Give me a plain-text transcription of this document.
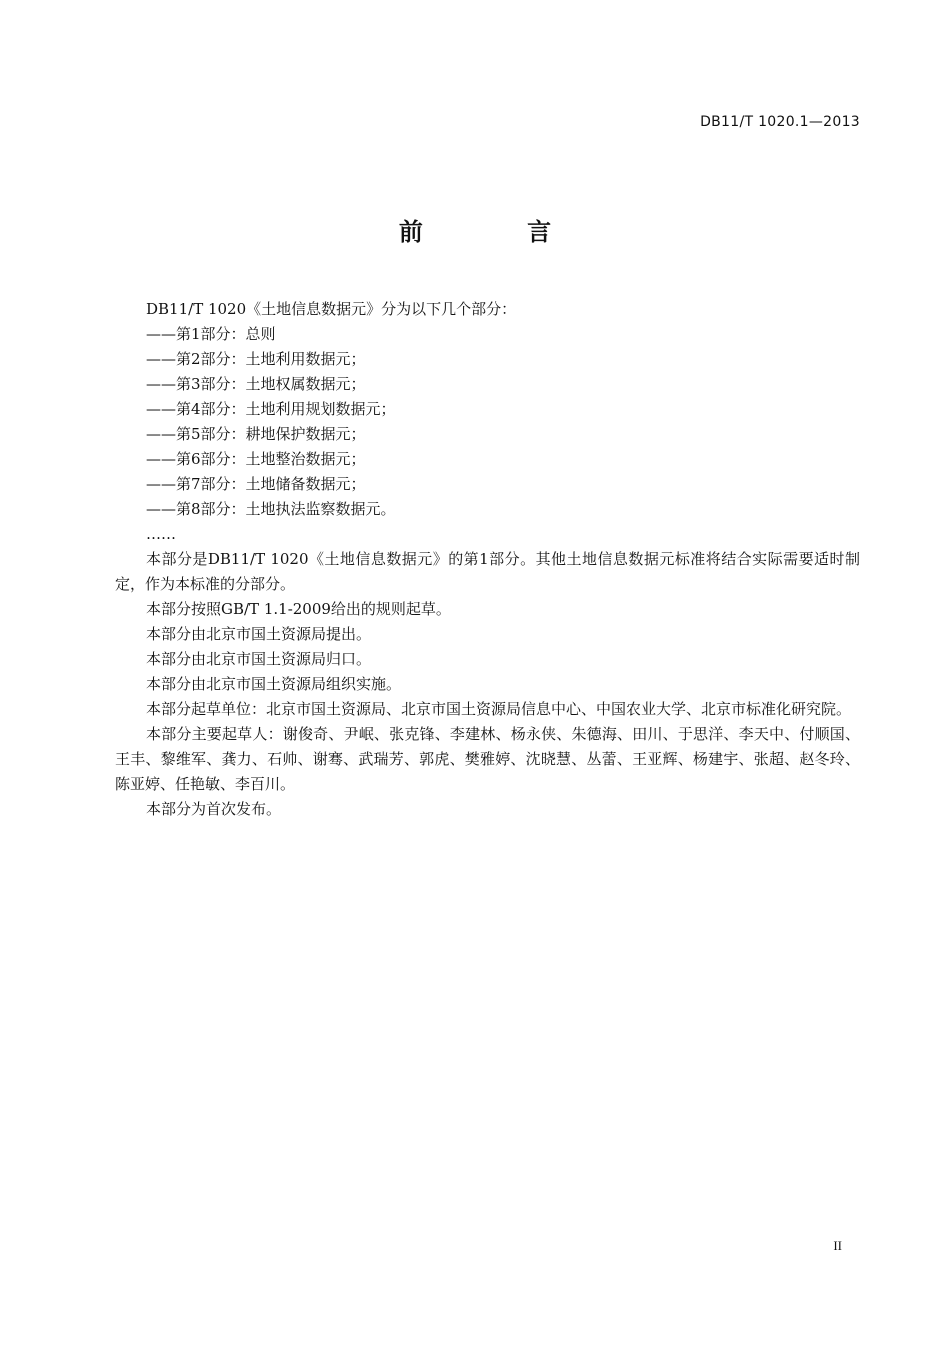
DB11/T 1020.1—2013
前 言

DB11/T 1020《土地信息数据元》分为以下几个部分：

——第1部分：总则

——第2部分：土地利用数据元；

——第3部分：土地权属数据元；

——第4部分：土地利用规划数据元；

——第5部分：耕地保护数据元；

——第6部分：土地整治数据元；

——第7部分：土地储备数据元；

——第8部分：土地执法监察数据元。

……

本部分是DB11/T 1020《土地信息数据元》的第1部分。其他土地信息数据元标准将结合实际需要适时制定，作为本标准的分部分。

本部分按照GB/T 1.1-2009给出的规则起草。

本部分由北京市国土资源局提出。

本部分由北京市国土资源局归口。

本部分由北京市国土资源局组织实施。

本部分起草单位：北京市国土资源局、北京市国土资源局信息中心、中国农业大学、北京市标准化研究院。

本部分主要起草人：谢俊奇、尹岷、张克锋、李建林、杨永侠、朱德海、田川、于思洋、李天中、付顺国、王丰、黎维军、龚力、石帅、谢骞、武瑞芳、郭虎、樊雅婷、沈晓慧、丛蕾、王亚辉、杨建宇、张超、赵冬玲、陈亚婷、任艳敏、李百川。

本部分为首次发布。

II
